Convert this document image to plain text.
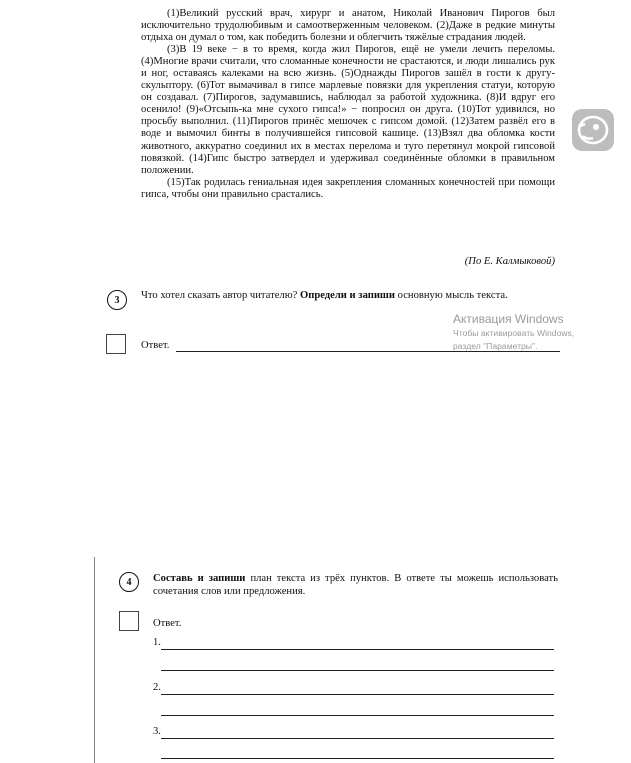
(1)Великий русский врач, хирург и анатом, Николай Иванович Пирогов был исключительно трудолюбивым и самоотверженным человеком. (2)Даже в редкие минуты отдыха он думал о том, как победить болезни и облегчить тяжёлые страдания людей.

(3)В 19 веке − в то время, когда жил Пирогов, ещё не умели лечить переломы. (4)Многие врачи считали, что сломанные конечности не срастаются, и люди лишались рук и ног, оставаясь калеками на всю жизнь. (5)Однажды Пирогов зашёл в гости к другу-скульптору. (6)Тот вымачивал в гипсе марлевые повязки для укрепления статуи, которую он создавал. (7)Пирогов, задумавшись, наблюдал за работой художника. (8)И вдруг его осенило! (9)«Отсыпь-ка мне сухого гипса!» − попросил он друга. (10)Тот удивился, но просьбу выполнил. (11)Пирогов принёс мешочек с гипсом домой. (12)Затем развёл его в воде и вымочил бинты в получившейся гипсовой кашице. (13)Взял два обломка кости животного, аккуратно соединил их в местах перелома и туго перетянул мокрой гипсовой повязкой. (14)Гипс быстро затвердел и удерживал соединённые обломки в правильном положении.

(15)Так родилась гениальная идея закрепления сломанных конечностей при помощи гипса, чтобы они правильно срастались.

(По Е. Калмыковой)
3	Что хотел сказать автор читателю? Определи и запиши основную мысль текста.
Ответ.
Активация Windows
Чтобы активировать Windows,
раздел "Параметры".
4	Составь и запиши план текста из трёх пунктов. В ответе ты можешь использовать сочетания слов или предложения.
Ответ.
1.
2.
3.
